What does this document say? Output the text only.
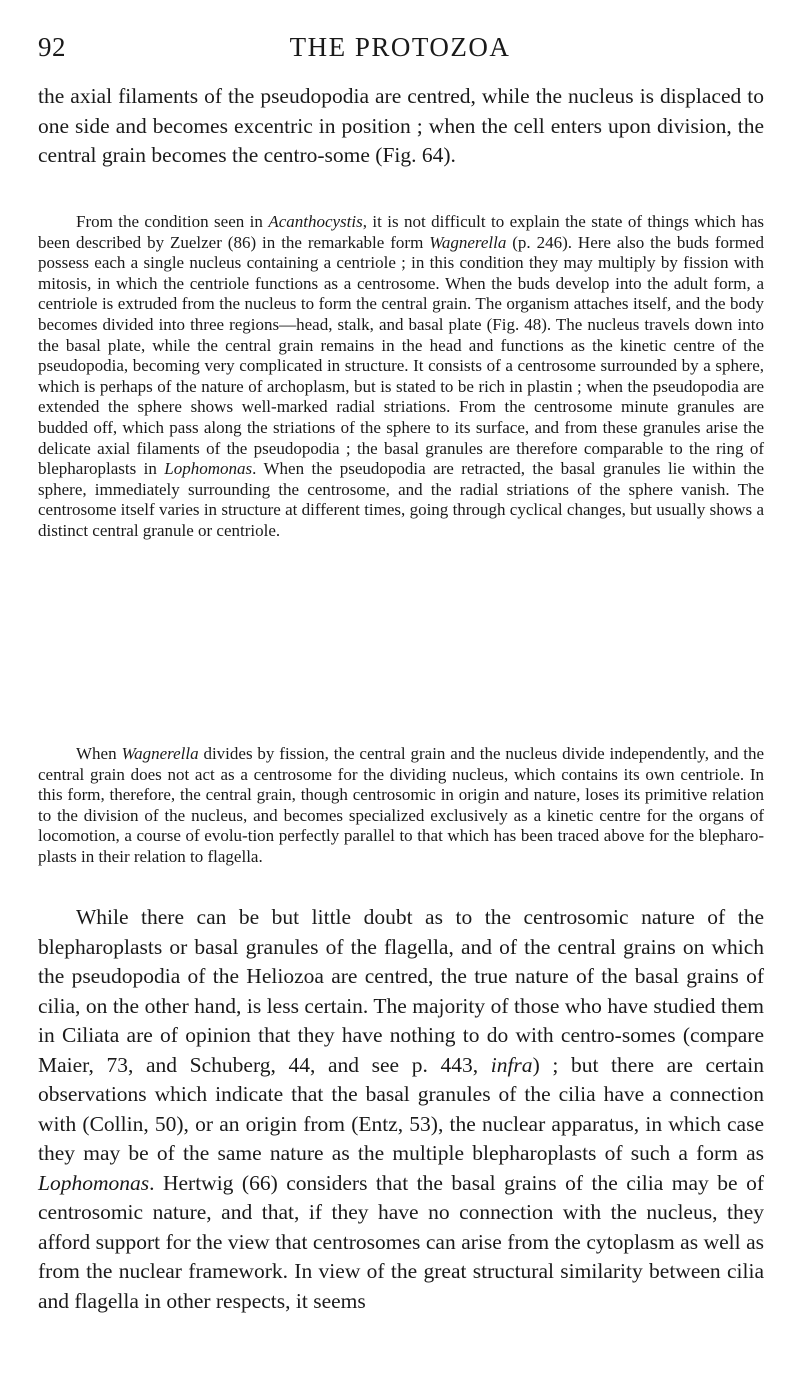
92	THE PROTOZOA

the axial filaments of the pseudopodia are centred, while the nucleus is displaced to one side and becomes excentric in position ; when the cell enters upon division, the central grain becomes the centro-some (Fig. 64).

From the condition seen in Acanthocystis, it is not difficult to explain the state of things which has been described by Zuelzer (86) in the remarkable form Wagnerella (p. 246). Here also the buds formed possess each a single nucleus containing a centriole ; in this condition they may multiply by fission with mitosis, in which the centriole functions as a centrosome. When the buds develop into the adult form, a centriole is extruded from the nucleus to form the central grain. The organism attaches itself, and the body becomes divided into three regions—head, stalk, and basal plate (Fig. 48). The nucleus travels down into the basal plate, while the central grain remains in the head and functions as the kinetic centre of the pseudopodia, becoming very complicated in structure. It consists of a centrosome surrounded by a sphere, which is perhaps of the nature of archoplasm, but is stated to be rich in plastin ; when the pseudopodia are extended the sphere shows well-marked radial striations. From the centrosome minute granules are budded off, which pass along the striations of the sphere to its surface, and from these granules arise the delicate axial filaments of the pseudopodia ; the basal granules are therefore comparable to the ring of blepharoplasts in Lophomonas. When the pseudopodia are retracted, the basal granules lie within the sphere, immediately surrounding the centrosome, and the radial striations of the sphere vanish. The centrosome itself varies in structure at different times, going through cyclical changes, but usually shows a distinct central granule or centriole.

When Wagnerella divides by fission, the central grain and the nucleus divide independently, and the central grain does not act as a centrosome for the dividing nucleus, which contains its own centriole. In this form, therefore, the central grain, though centrosomic in origin and nature, loses its primitive relation to the division of the nucleus, and becomes specialized exclusively as a kinetic centre for the organs of locomotion, a course of evolu-tion perfectly parallel to that which has been traced above for the blepharo-plasts in their relation to flagella.

While there can be but little doubt as to the centrosomic nature of the blepharoplasts or basal granules of the flagella, and of the central grains on which the pseudopodia of the Heliozoa are centred, the true nature of the basal grains of cilia, on the other hand, is less certain. The majority of those who have studied them in Ciliata are of opinion that they have nothing to do with centro-somes (compare Maier, 73, and Schuberg, 44, and see p. 443, infra) ; but there are certain observations which indicate that the basal granules of the cilia have a connection with (Collin, 50), or an origin from (Entz, 53), the nuclear apparatus, in which case they may be of the same nature as the multiple blepharoplasts of such a form as Lophomonas. Hertwig (66) considers that the basal grains of the cilia may be of centrosomic nature, and that, if they have no connection with the nucleus, they afford support for the view that centrosomes can arise from the cytoplasm as well as from the nuclear framework. In view of the great structural similarity between cilia and flagella in other respects, it seems
